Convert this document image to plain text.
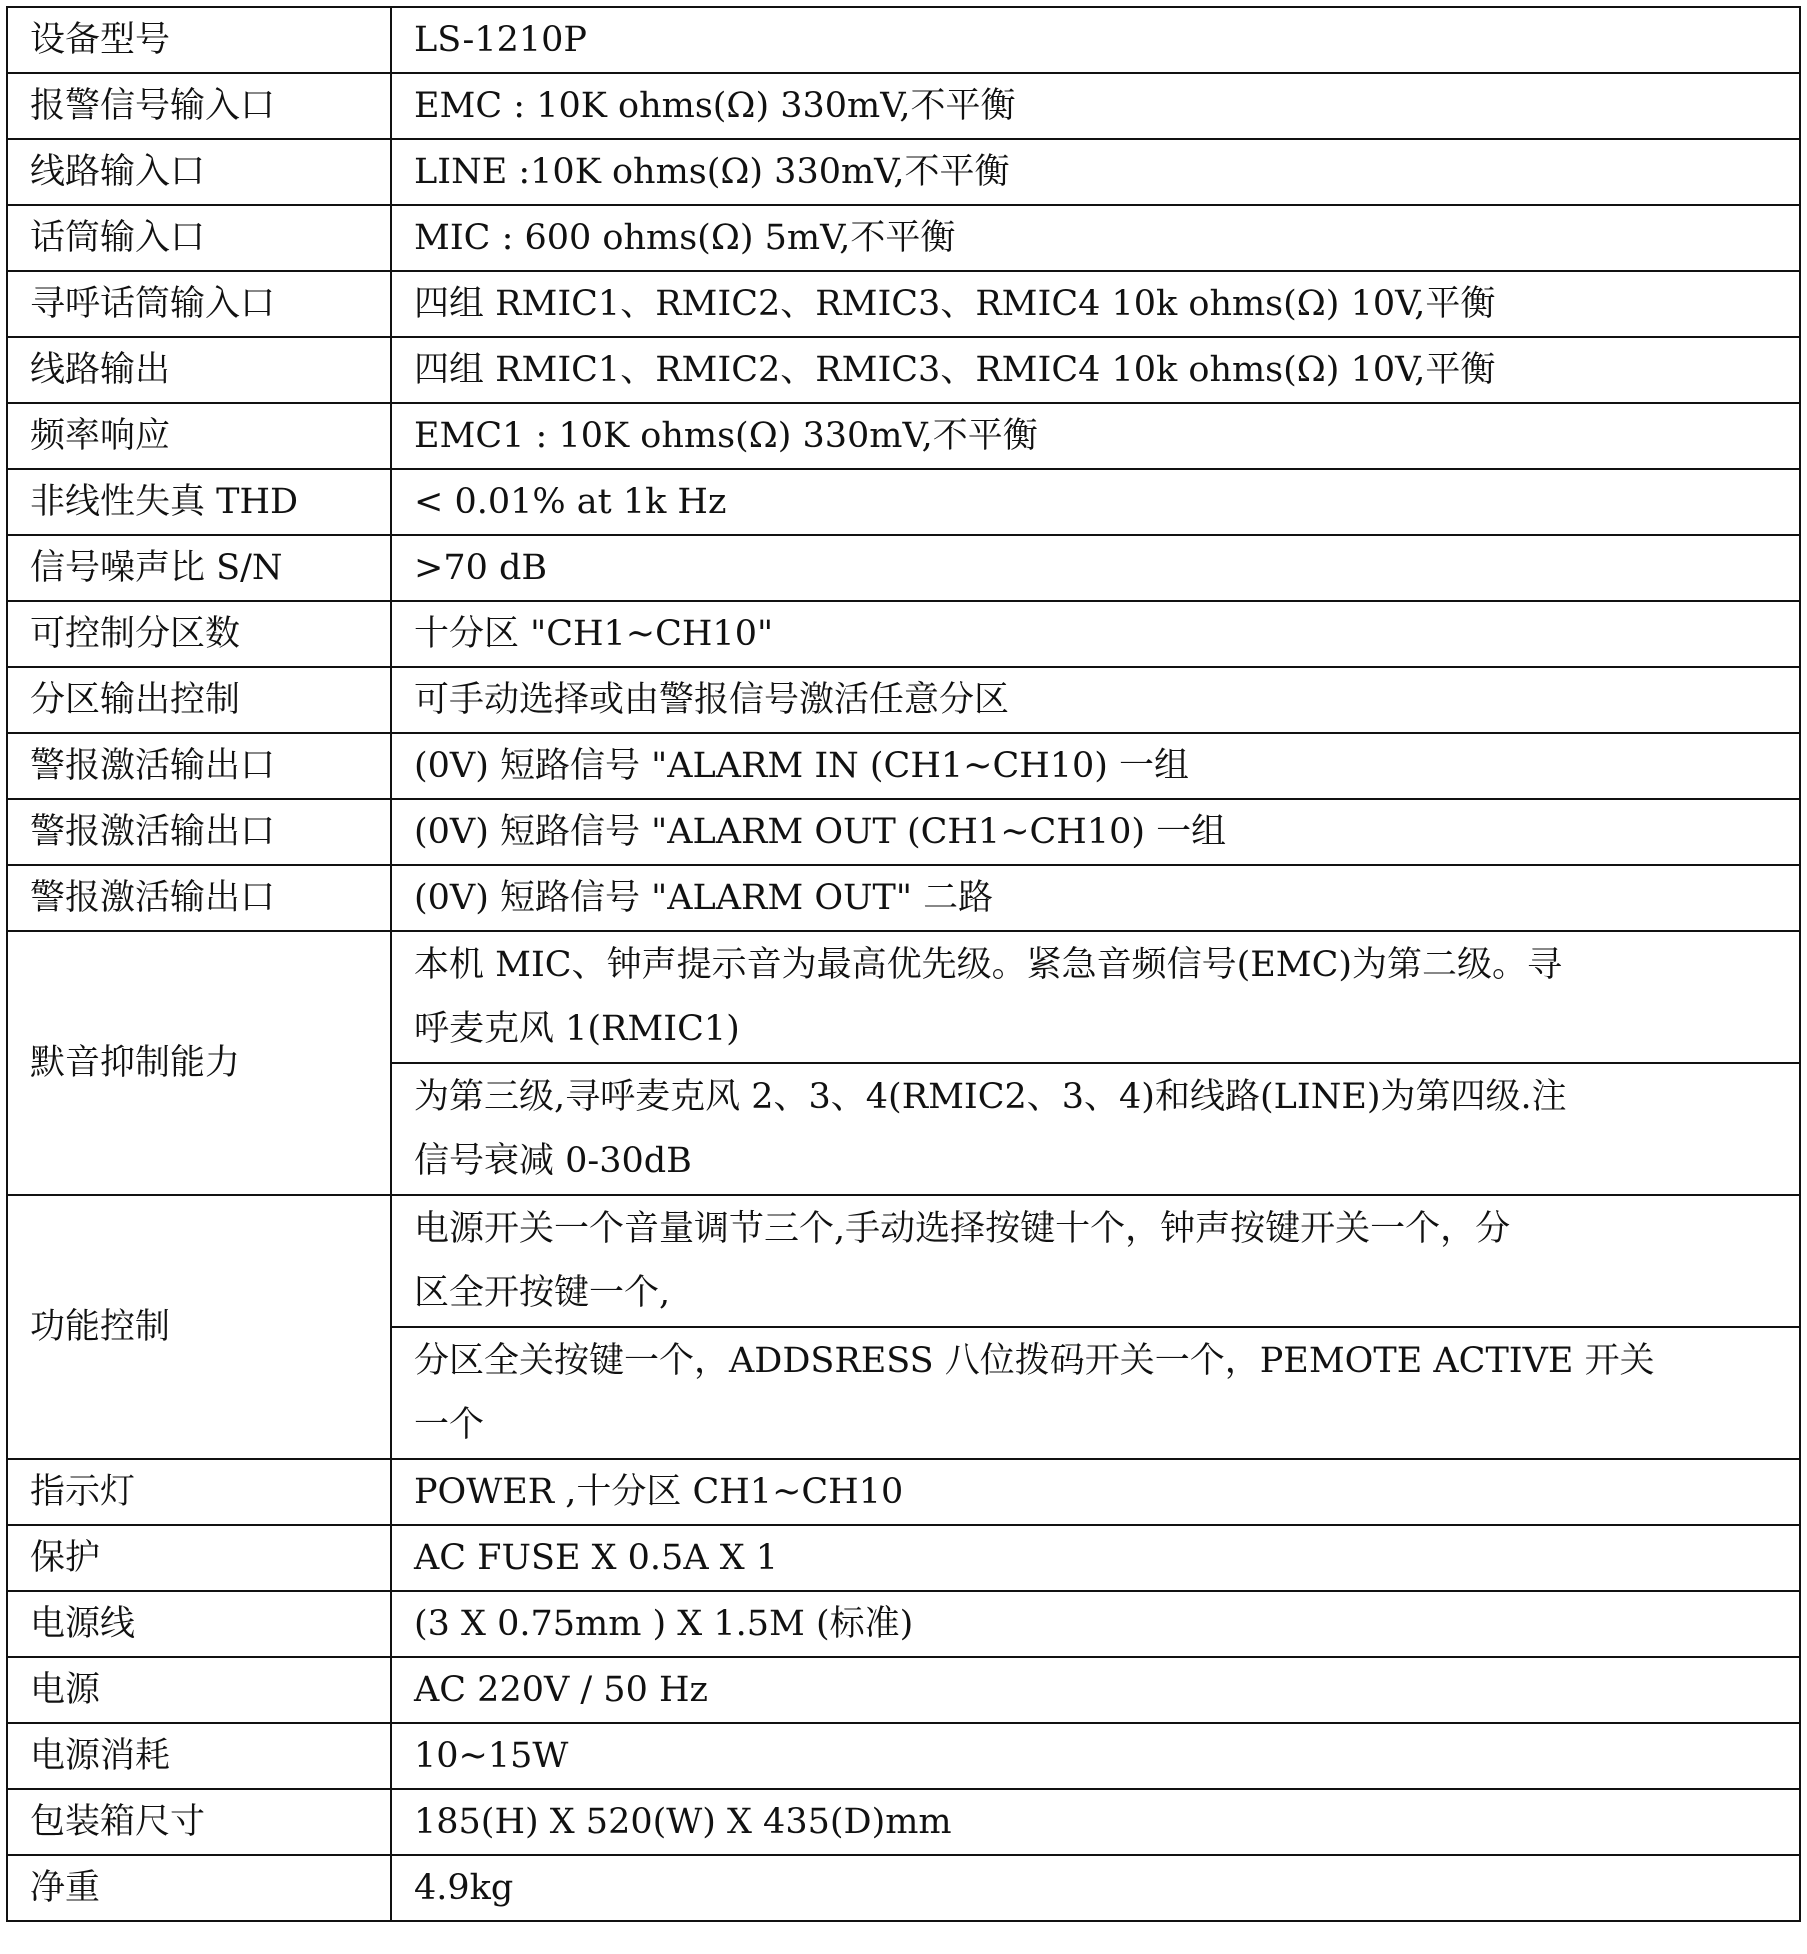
设备型号	LS-1210P
报警信号输入口	EMC : 10K ohms(Ω) 330mV,不平衡
线路输入口	LINE :10K ohms(Ω) 330mV,不平衡
话筒输入口	MIC : 600 ohms(Ω) 5mV,不平衡
寻呼话筒输入口	四组 RMIC1、RMIC2、RMIC3、RMIC4 10k ohms(Ω) 10V,平衡
线路输出	四组 RMIC1、RMIC2、RMIC3、RMIC4 10k ohms(Ω) 10V,平衡
频率响应	EMC1 : 10K ohms(Ω) 330mV,不平衡
非线性失真 THD	< 0.01% at 1k Hz
信号噪声比 S/N	>70 dB
可控制分区数	十分区 "CH1~CH10"
分区输出控制	可手动选择或由警报信号激活任意分区
警报激活输出口	(0V) 短路信号 "ALARM IN (CH1~CH10) 一组
警报激活输出口	(0V) 短路信号 "ALARM OUT (CH1~CH10) 一组
警报激活输出口	(0V) 短路信号 "ALARM OUT" 二路
默音抑制能力	本机 MIC、钟声提示音为最高优先级。紧急音频信号(EMC)为第二级。寻
呼麦克风 1(RMIC1)

	为第三级,寻呼麦克风 2、3、4(RMIC2、3、4)和线路(LINE)为第四级.注
信号衰减 0-30dB

功能控制	电源开关一个音量调节三个,手动选择按键十个，钟声按键开关一个，分
区全开按键一个,

	分区全关按键一个，ADDSRESS 八位拨码开关一个，PEMOTE ACTIVE 开关
一个

指示灯	POWER ,十分区 CH1~CH10
保护	AC FUSE X 0.5A X 1
电源线	(3 X 0.75mm ) X 1.5M (标准)
电源	AC 220V / 50 Hz
电源消耗	10~15W
包装箱尺寸	185(H) X 520(W) X 435(D)mm
净重	4.9kg
